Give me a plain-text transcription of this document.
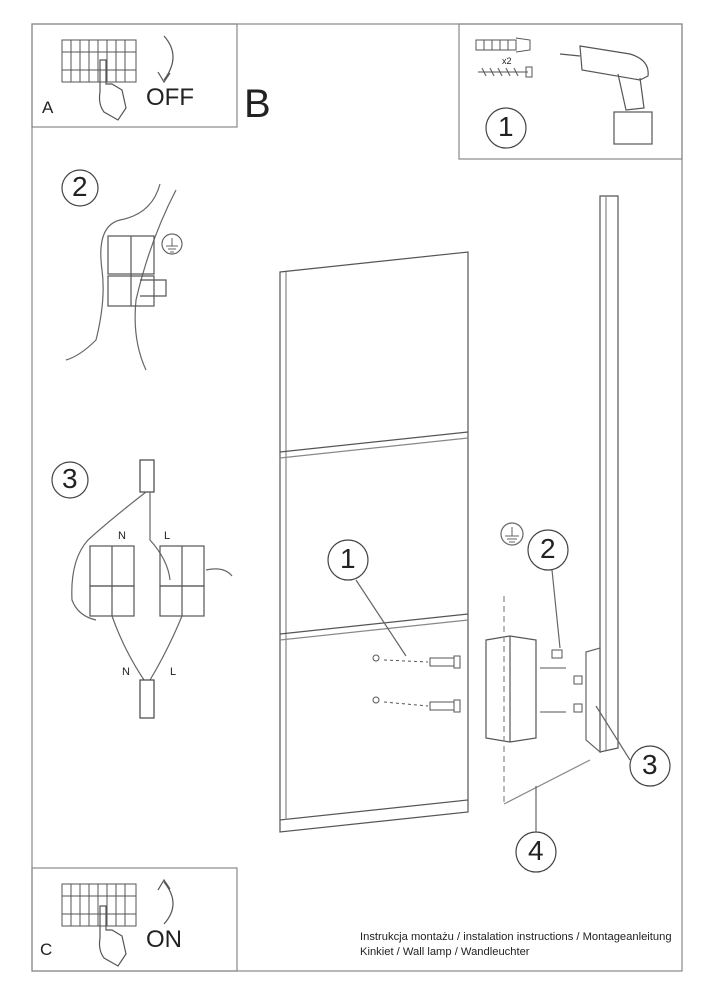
A	OFF B
C	ON
x2
1
2
3
N	L
N	L
1	2
3
4
Instrukcja montażu / instalation instructions / Montageanleitung
Kinkiet / Wall lamp / Wandleuchter
